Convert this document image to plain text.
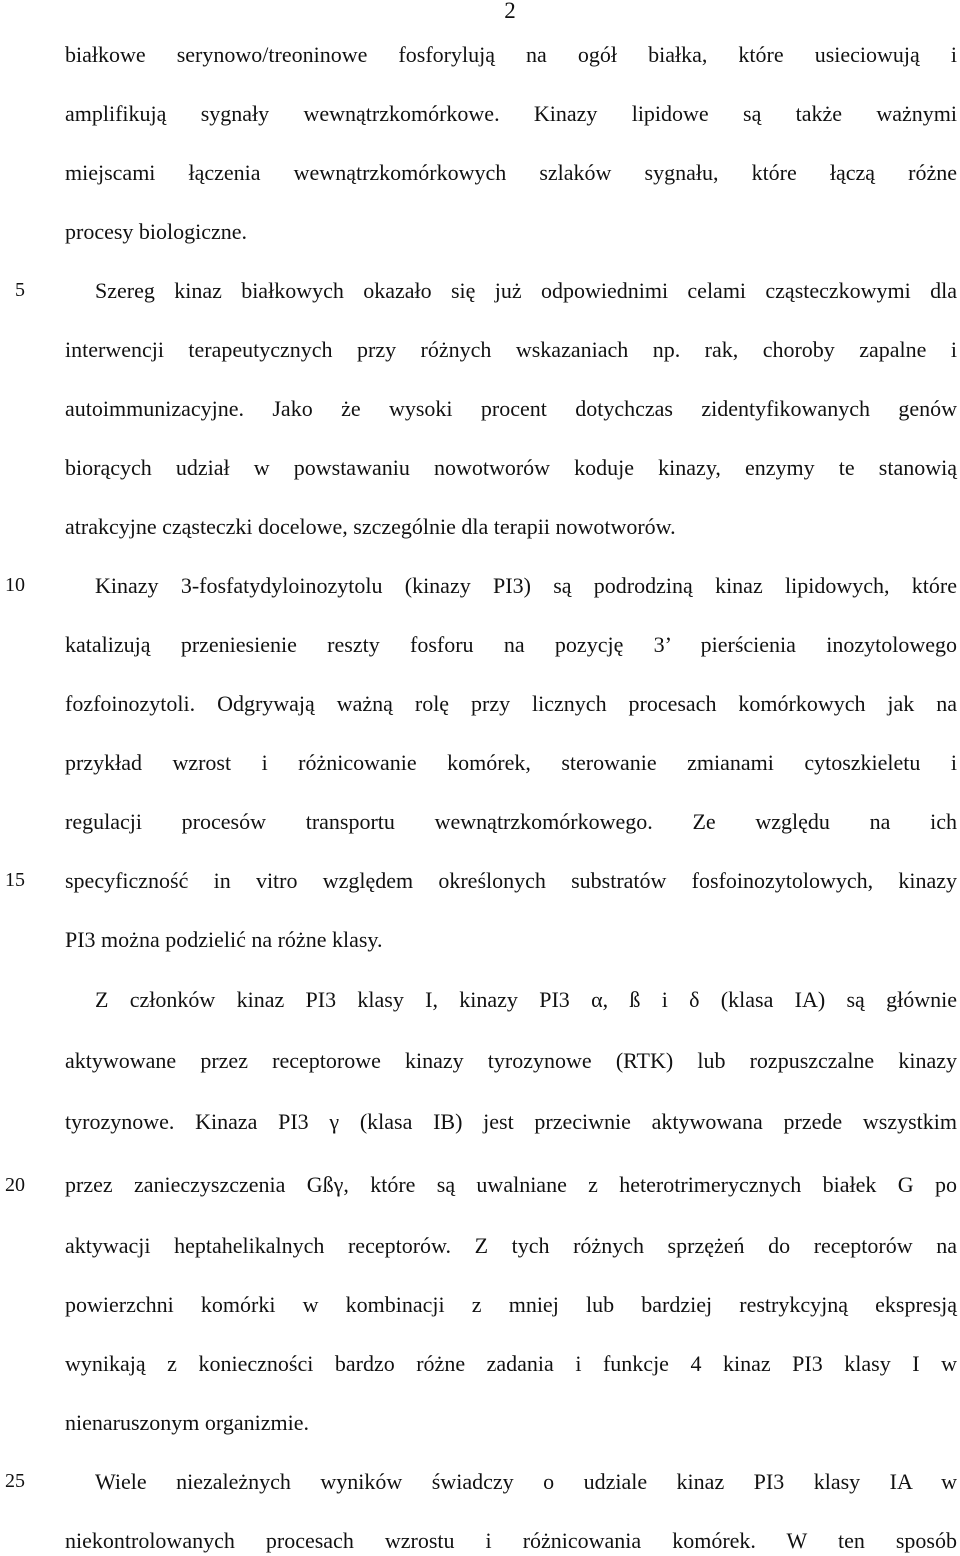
2
5
10
15
20
25
białkowe serynowo/treoninowe fosforylują na ogół białka, które usieciowują i
amplifikują sygnały wewnątrzkomórkowe. Kinazy lipidowe są także ważnymi
miejscami łączenia wewnątrzkomórkowych szlaków sygnału, które łączą różne
procesy biologiczne.
Szereg kinaz białkowych okazało się już odpowiednimi celami cząsteczkowymi dla
interwencji terapeutycznych przy różnych wskazaniach np. rak, choroby zapalne i
autoimmunizacyjne. Jako że wysoki procent dotychczas zidentyfikowanych genów
biorących udział w powstawaniu nowotworów koduje kinazy, enzymy te stanowią
atrakcyjne cząsteczki docelowe, szczególnie dla terapii nowotworów.
Kinazy 3-fosfatydyloinozytolu (kinazy PI3) są podrodziną kinaz lipidowych, które
katalizują przeniesienie reszty fosforu na pozycję 3’ pierścienia inozytolowego
fozfoinozytoli. Odgrywają ważną rolę przy licznych procesach komórkowych jak na
przykład wzrost i różnicowanie komórek, sterowanie zmianami cytoszkieletu i
regulacji procesów transportu wewnątrzkomórkowego. Ze względu na ich
specyficzność in vitro względem określonych substratów fosfoinozytolowych, kinazy
PI3 można podzielić na różne klasy.
Z członków kinaz PI3 klasy I, kinazy PI3 α, ß i δ (klasa IA) są głównie
aktywowane przez receptorowe kinazy tyrozynowe (RTK) lub rozpuszczalne kinazy
tyrozynowe. Kinaza PI3 γ (klasa IB) jest przeciwnie aktywowana przede wszystkim
przez zanieczyszczenia Gßγ, które są uwalniane z heterotrimerycznych białek G po
aktywacji heptahelikalnych receptorów. Z tych różnych sprzężeń do receptorów na
powierzchni komórki w kombinacji z mniej lub bardziej restrykcyjną ekspresją
wynikają z konieczności bardzo różne zadania i funkcje 4 kinaz PI3 klasy I w
nienaruszonym organizmie.
Wiele niezależnych wyników świadczy o udziale kinaz PI3 klasy IA w
niekontrolowanych procesach wzrostu i różnicowania komórek. W ten sposób
